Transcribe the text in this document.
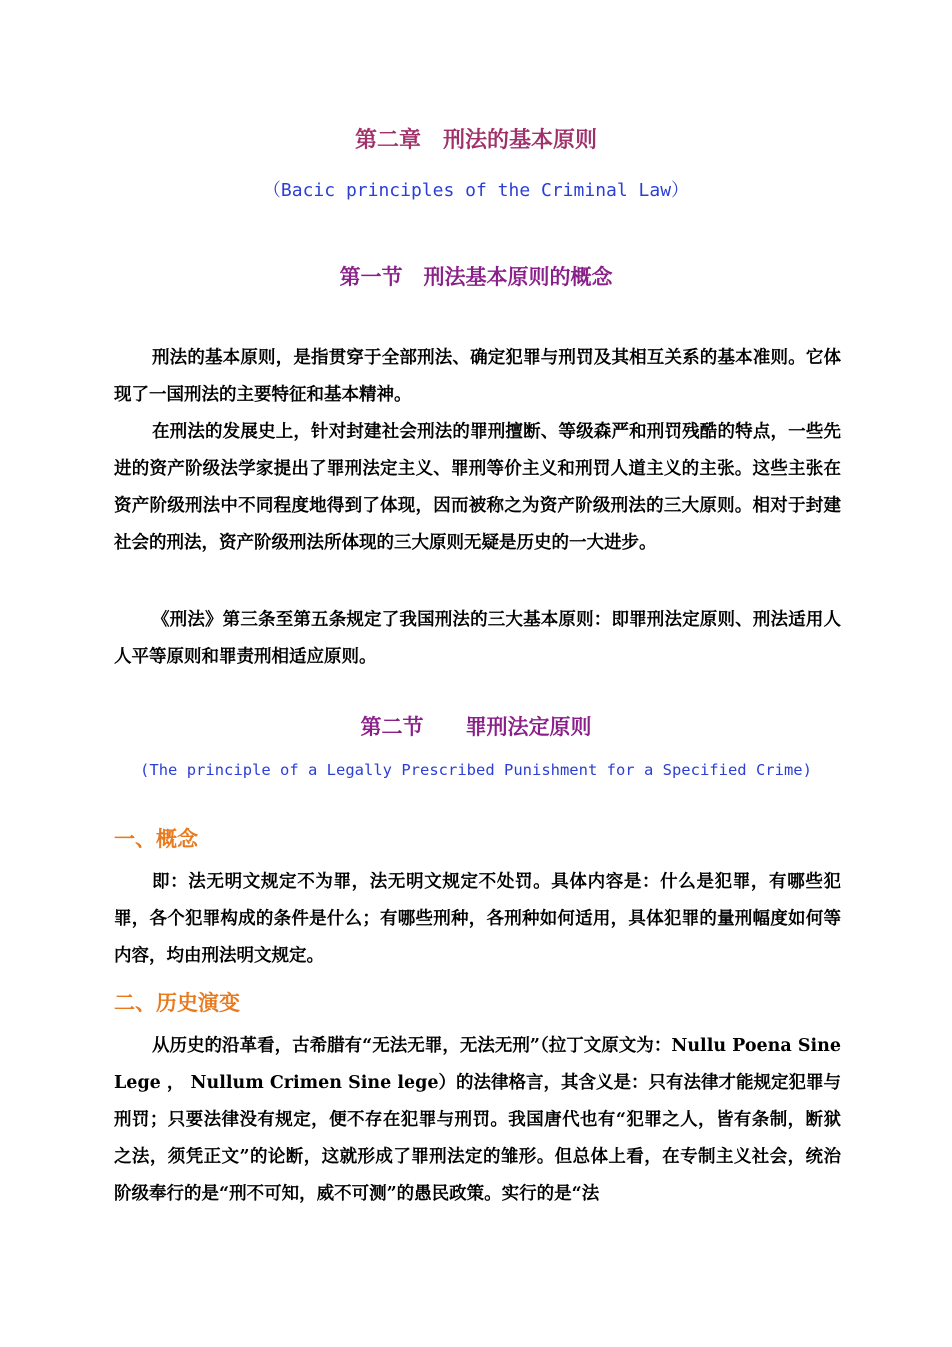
第二章　刑法的基本原则
（Bacic principles of the Criminal Law）
第一节　刑法基本原则的概念

刑法的基本原则，是指贯穿于全部刑法、确定犯罪与刑罚及其相互关系的基本准则。它体现了一国刑法的主要特征和基本精神。

在刑法的发展史上，针对封建社会刑法的罪刑擅断、等级森严和刑罚残酷的特点，一些先进的资产阶级法学家提出了罪刑法定主义、罪刑等价主义和刑罚人道主义的主张。这些主张在资产阶级刑法中不同程度地得到了体现，因而被称之为资产阶级刑法的三大原则。相对于封建社会的刑法，资产阶级刑法所体现的三大原则无疑是历史的一大进步。

《刑法》第三条至第五条规定了我国刑法的三大基本原则：即罪刑法定原则、刑法适用人人平等原则和罪责刑相适应原则。

第二节　　罪刑法定原则
(The principle of a Legally Prescribed Punishment for a Specified Crime)
一、概念

即：法无明文规定不为罪，法无明文规定不处罚。具体内容是：什么是犯罪，有哪些犯罪，各个犯罪构成的条件是什么；有哪些刑种，各刑种如何适用，具体犯罪的量刑幅度如何等内容，均由刑法明文规定。

二、历史演变

从历史的沿革看，古希腊有“无法无罪，无法无刑”（拉丁文原文为：Nullu Poena Sine Lege ， Nullum Crimen Sine lege）的法律格言，其含义是：只有法律才能规定犯罪与刑罚；只要法律没有规定，便不存在犯罪与刑罚。我国唐代也有“犯罪之人，皆有条制，断狱之法，须凭正文”的论断，这就形成了罪刑法定的雏形。但总体上看，在专制主义社会，统治阶级奉行的是“刑不可知，威不可测”的愚民政策。实行的是“法
